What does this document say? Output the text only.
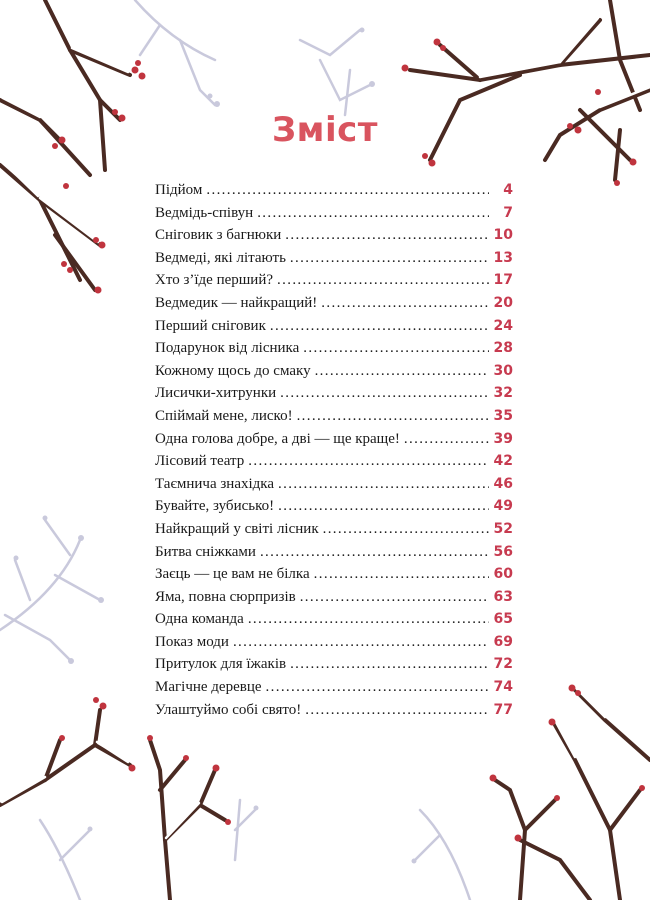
Зміст
Підйом . . .	4
Ведмідь-співун . . .	7
Сніговик з багнюки . . .	10
Ведмеді, які літають . . .	13
Хто з’їде перший? . . .	17
Ведмедик — найкращий! . . .	20
Перший сніговик . . .	24
Подарунок від лісника . . .	28
Кожному щось до смаку . . .	30
Лисички-хитрунки . . .	32
Спіймай мене, лиско! . . .	35
Одна голова добре, а дві — ще краще! . . .	39
Лісовий театр . . .	42
Таємнича знахідка . . .	46
Бувайте, зубисько! . . .	49
Найкращий у світі лісник . . .	52
Битва сніжками . . .	56
Заєць — це вам не білка . . .	60
Яма, повна сюрпризів . . .	63
Одна команда . . .	65
Показ моди . . .	69
Притулок для їжаків . . .	72
Магічне деревце . . .	74
Улаштуймо собі свято! . . .	77
